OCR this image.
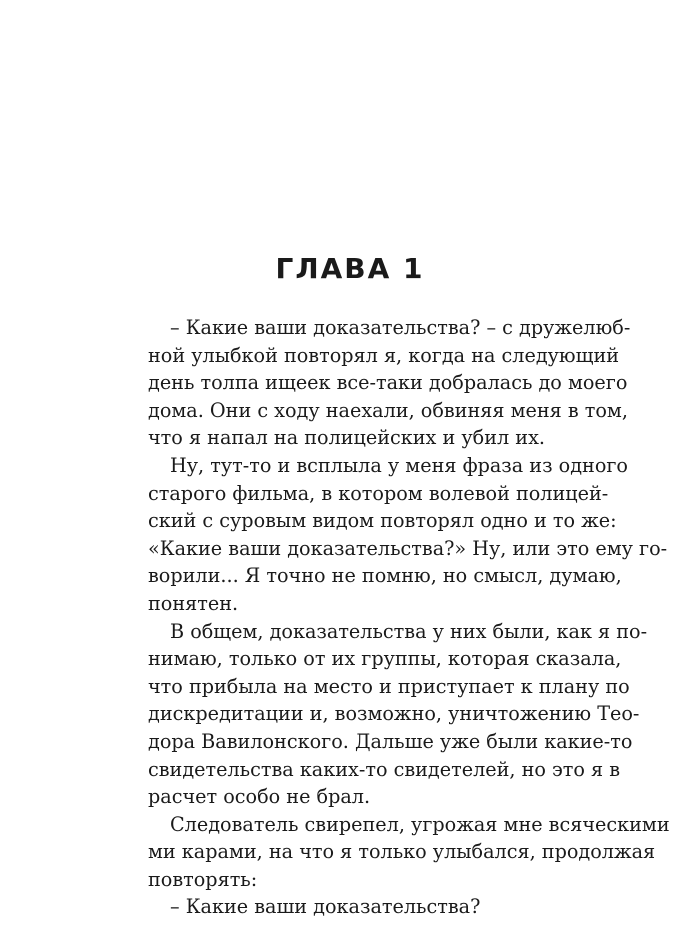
ГЛАВА 1
– Какие ваши доказательства? – с дружелюб-
ной улыбкой повторял я, когда на следующий
день толпа ищеек все-таки добралась до моего
дома. Они с ходу наехали, обвиняя меня в том,
что я напал на полицейских и убил их.
Ну, тут-то и всплыла у меня фраза из одного
старого фильма, в котором волевой полицей-
ский с суровым видом повторял одно и то же:
«Какие ваши доказательства?» Ну, или это ему го-
ворили... Я точно не помню, но смысл, думаю,
понятен.
В общем, доказательства у них были, как я по-
нимаю, только от их группы, которая сказала,
что прибыла на место и приступает к плану по
дискредитации и, возможно, уничтожению Тео-
дора Вавилонского. Дальше уже были какие-то
свидетельства каких-то свидетелей, но это я в
расчет особо не брал.
Следователь свирепел, угрожая мне всяческими
ми карами, на что я только улыбался, продолжая
повторять:
– Какие ваши доказательства?
